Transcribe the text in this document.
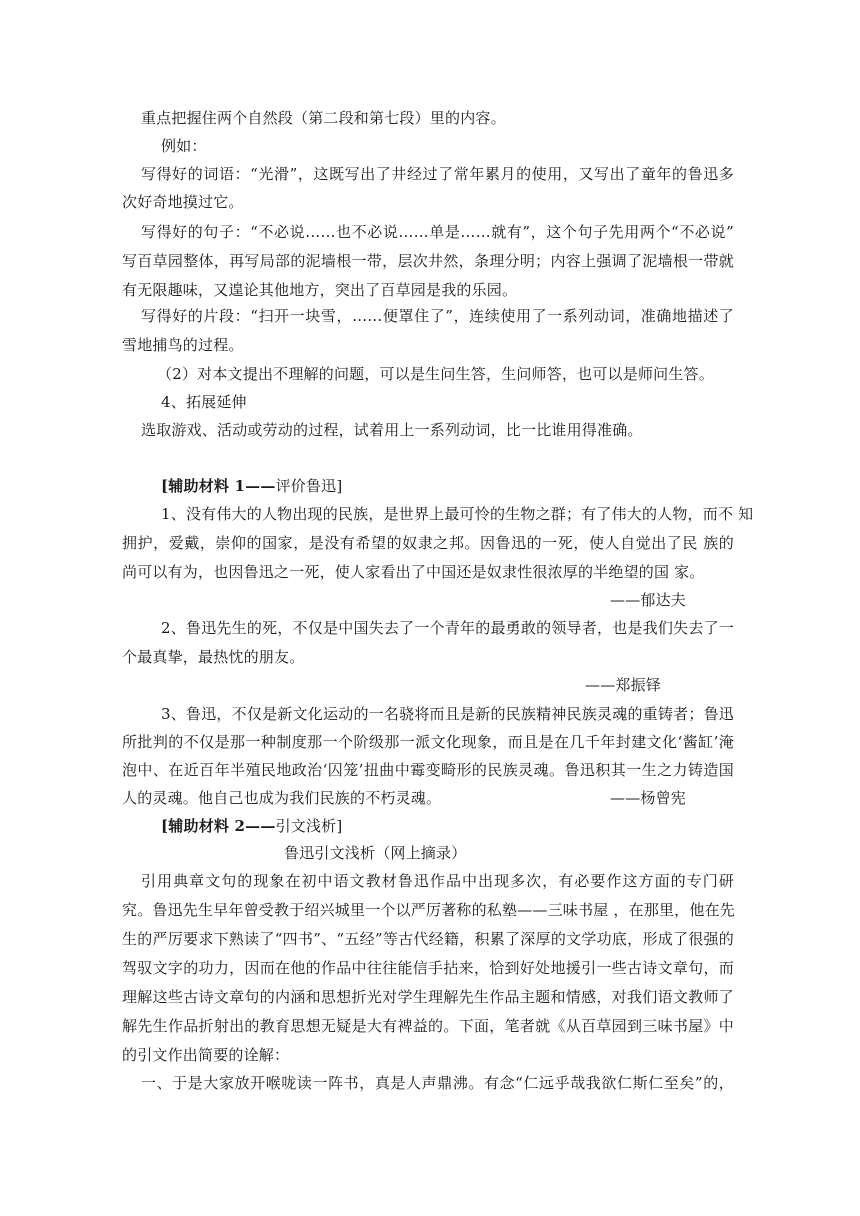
重点把握住两个自然段（第二段和第七段）里的内容。
例如：
写得好的词语：“光滑”，这既写出了井经过了常年累月的使用，又写出了童年的鲁迅多
次好奇地摸过它。
写得好的句子：“不必说……也不必说……单是……就有”，这个句子先用两个“不必说”
写百草园整体，再写局部的泥墙根一带，层次井然，条理分明；内容上强调了泥墙根一带就
有无限趣味，又遑论其他地方，突出了百草园是我的乐园。
写得好的片段：“扫开一块雪，……便罩住了”，连续使用了一系列动词，准确地描述了
雪地捕鸟的过程。
（2）对本文提出不理解的问题，可以是生问生答，生问师答，也可以是师问生答。
4、拓展延伸
选取游戏、活动或劳动的过程，试着用上一系列动词，比一比谁用得准确。
[辅助材料 1——评价鲁迅]
1、没有伟大的人物出现的民族，是世界上最可怜的生物之群；有了伟大的人物，而不 知
拥护，爱戴，崇仰的国家，是没有希望的奴隶之邦。因鲁迅的一死，使人自觉出了民 族的
尚可以有为，也因鲁迅之一死，使人家看出了中国还是奴隶性很浓厚的半绝望的国 家。
——郁达夫
2、鲁迅先生的死，不仅是中国失去了一个青年的最勇敢的领导者，也是我们失去了一
个最真挚，最热忱的朋友。
——郑振铎
3、鲁迅，不仅是新文化运动的一名骁将而且是新的民族精神民族灵魂的重铸者；鲁迅
所批判的不仅是那一种制度那一个阶级那一派文化现象，而且是在几千年封建文化‘酱缸’淹
泡中、在近百年半殖民地政治‘囚笼’扭曲中霉变畸形的民族灵魂。鲁迅积其一生之力铸造国
人的灵魂。他自己也成为我们民族的不朽灵魂。	——杨曾宪
[辅助材料 2——引文浅析]
鲁迅引文浅析（网上摘录）
引用典章文句的现象在初中语文教材鲁迅作品中出现多次，有必要作这方面的专门研
究。鲁迅先生早年曾受教于绍兴城里一个以严厉著称的私塾——三味书屋 ，在那里，他在先
生的严厉要求下熟读了“四书”、“五经”等古代经籍，积累了深厚的文学功底，形成了很强的
驾驭文字的功力，因而在他的作品中往往能信手拈来，恰到好处地援引一些古诗文章句，而
理解这些古诗文章句的内涵和思想折光对学生理解先生作品主题和情感，对我们语文教师了
解先生作品折射出的教育思想无疑是大有裨益的。下面，笔者就《从百草园到三味书屋》中
的引文作出简要的诠解：
一、于是大家放开喉咙读一阵书，真是人声鼎沸。有念“仁远乎哉我欲仁斯仁至矣”的，
